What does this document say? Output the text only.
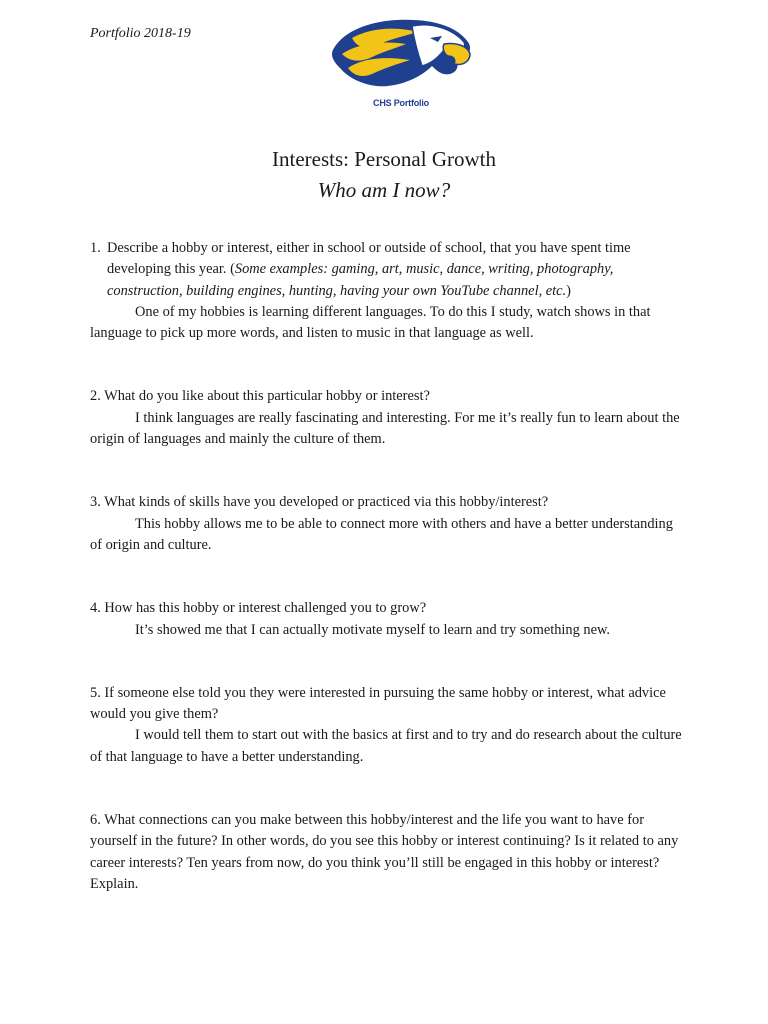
Portfolio 2018-19
CHS Portfolio
Interests: Personal Growth
Who am I now?
1. Describe a hobby or interest, either in school or outside of school, that you have spent time developing this year. (Some examples: gaming, art, music, dance, writing, photography, construction, building engines, hunting, having your own YouTube channel, etc.)

One of my hobbies is learning different languages. To do this I study, watch shows in that language to pick up more words, and listen to music in that language as well.

2. What do you like about this particular hobby or interest?

I think languages are really fascinating and interesting. For me it’s really fun to learn about the origin of languages and mainly the culture of them.

3. What kinds of skills have you developed or practiced via this hobby/interest?

This hobby allows me to be able to connect more with others and have a better understanding of origin and culture.

4. How has this hobby or interest challenged you to grow?

It’s showed me that I can actually motivate myself to learn and try something new.

5. If someone else told you they were interested in pursuing the same hobby or interest, what advice would you give them?

I would tell them to start out with the basics at first and to try and do research about the culture of that language to have a better understanding.

6. What connections can you make between this hobby/interest and the life you want to have for yourself in the future? In other words, do you see this hobby or interest continuing? Is it related to any career interests? Ten years from now, do you think you’ll still be engaged in this hobby or interest? Explain.
